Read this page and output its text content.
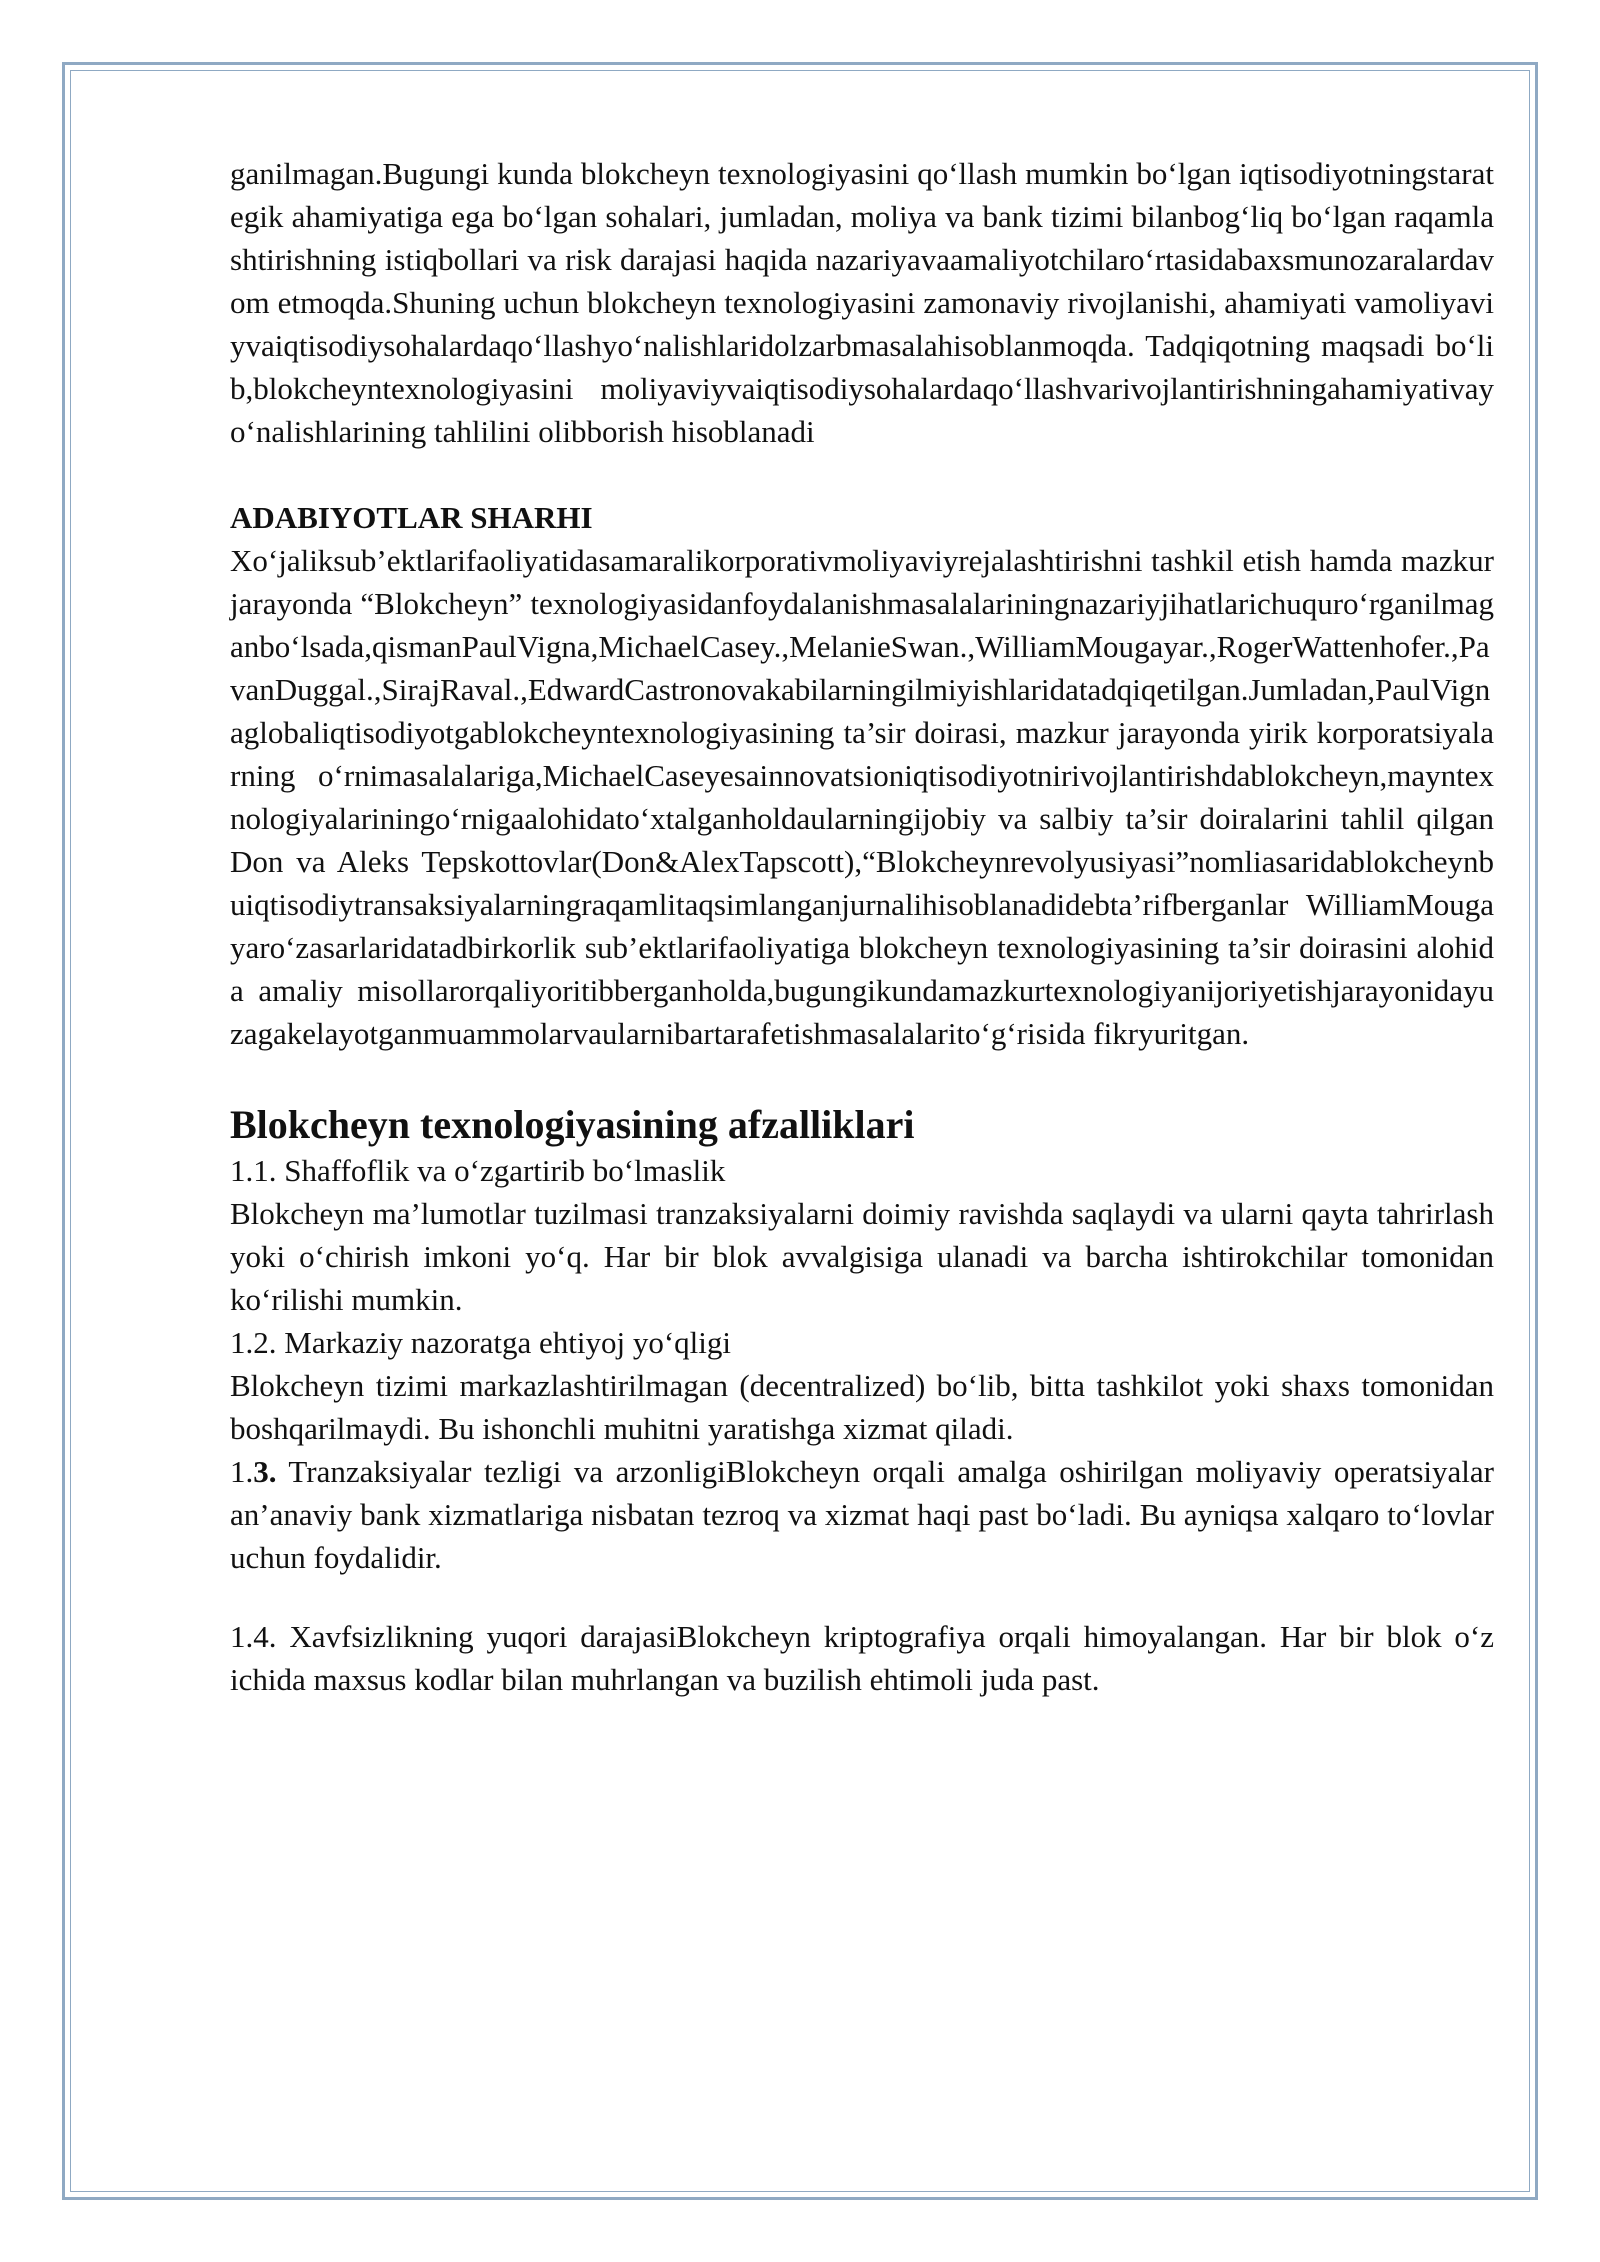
ganilmagan.Bugungi kunda blokcheyn texnologiyasini qo‘llash mumkin bo‘lgan iqtisodiyotningstarategik ahamiyatiga ega bo‘lgan sohalari, jumladan, moliya va bank tizimi bilanbog‘liq bo‘lgan raqamlashtirishning istiqbollari va risk darajasi haqida nazariyavaamaliyotchilaro‘rtasidabaxsmunozaralardavom etmoqda.Shuning uchun blokcheyn texnologiyasini zamonaviy rivojlanishi, ahamiyati vamoliyaviyvaiqtisodiysohalardaqo‘llashyo‘nalishlaridolzarbmasalahisoblanmoqda. Tadqiqotning maqsadi bo‘lib,blokcheyntexnologiyasini moliyaviyvaiqtisodiysohalardaqo‘llashvarivojlantirishningahamiyativayo‘nalishlarining tahlilini olibborish hisoblanadi

ADABIYOTLAR SHARHI

Xo‘jaliksub’ektlarifaoliyatidasamaralikorporativmoliyaviyrejalashtirishni tashkil etish hamda mazkur jarayonda “Blokcheyn” texnologiyasidanfoydalanishmasalalariningnazariyjihatlarichuquro‘rganilmaganbo‘lsada,qismanPaulVigna,MichaelCasey.,MelanieSwan.,WilliamMougayar.,RogerWattenhofer.,PavanDuggal.,SirajRaval.,EdwardCastronovakabilarningilmiyishlaridatadqiqetilgan.Jumladan,PaulVignaglobaliqtisodiyotgablokcheyntexnologiyasining ta’sir doirasi, mazkur jarayonda yirik korporatsiyalarning o‘rnimasalalariga,MichaelCaseyesainnovatsioniqtisodiyotnirivojlantirishdablokcheyn,mayntexnologiyalariningo‘rnigaalohidato‘xtalganholdaularningijobiy va salbiy ta’sir doiralarini tahlil qilgan Don va Aleks Tepskottovlar(Don&AlexTapscott),“Blokcheynrevolyusiyasi”nomliasaridablokcheynbuiqtisodiytransaksiyalarningraqamlitaqsimlanganjurnalihisoblanadidebta’rifberganlar WilliamMougayaro‘zasarlaridatadbirkorlik sub’ektlarifaoliyatiga blokcheyn texnologiyasining ta’sir doirasini alohida amaliy misollarorqaliyoritibberganholda,bugungikundamazkurtexnologiyanijoriyetishjarayonidayuzagakelayotganmuammolarvaularnibartarafetishmasalalarito‘g‘risida fikryuritgan.

Blokcheyn texnologiyasining afzalliklari

1.1. Shaffoflik va o‘zgartirib bo‘lmaslik

Blokcheyn ma’lumotlar tuzilmasi tranzaksiyalarni doimiy ravishda saqlaydi va ularni qayta tahrirlash yoki o‘chirish imkoni yo‘q. Har bir blok avvalgisiga ulanadi va barcha ishtirokchilar tomonidan ko‘rilishi mumkin.

1.2. Markaziy nazoratga ehtiyoj yo‘qligi

Blokcheyn tizimi markazlashtirilmagan (decentralized) bo‘lib, bitta tashkilot yoki shaxs tomonidan boshqarilmaydi. Bu ishonchli muhitni yaratishga xizmat qiladi.

1.3. Tranzaksiyalar tezligi va arzonligiBlokcheyn orqali amalga oshirilgan moliyaviy operatsiyalar an’anaviy bank xizmatlariga nisbatan tezroq va xizmat haqi past bo‘ladi. Bu ayniqsa xalqaro to‘lovlar uchun foydalidir.

1.4. Xavfsizlikning yuqori darajasiBlokcheyn kriptografiya orqali himoyalangan. Har bir blok o‘z ichida maxsus kodlar bilan muhrlangan va buzilish ehtimoli juda past.
